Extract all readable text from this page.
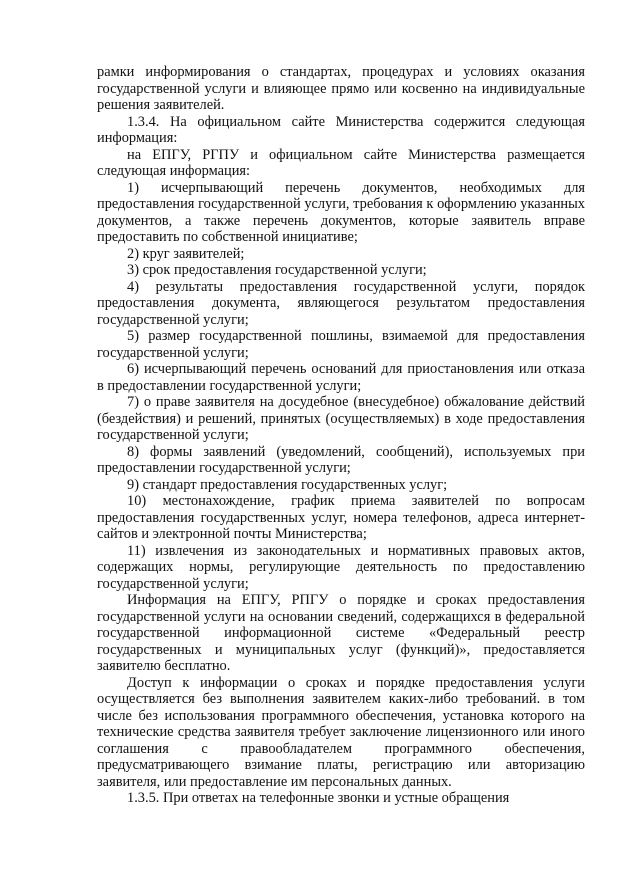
рамки информирования о стандартах, процедурах и условиях оказания государственной услуги и влияющее прямо или косвенно на индивидуальные решения заявителей.

1.3.4. На официальном сайте Министерства содержится следующая информация:

на ЕПГУ, РГПУ и официальном сайте Министерства размещается следующая информация:

1) исчерпывающий перечень документов, необходимых для предоставления государственной услуги, требования к оформлению указанных документов, а также перечень документов, которые заявитель вправе предоставить по собственной инициативе;

2) круг заявителей;

3) срок предоставления государственной услуги;

4) результаты предоставления государственной услуги, порядок предоставления документа, являющегося результатом предоставления государственной услуги;

5) размер государственной пошлины, взимаемой для предоставления государственной услуги;

6) исчерпывающий перечень оснований для приостановления или отказа в предоставлении государственной услуги;

7) о праве заявителя на досудебное (внесудебное) обжалование действий (бездействия) и решений, принятых (осуществляемых) в ходе предоставления государственной услуги;

8) формы заявлений (уведомлений, сообщений), используемых при предоставлении государственной услуги;

9) стандарт предоставления государственных услуг;

10) местонахождение, график приема заявителей по вопросам предоставления государственных услуг, номера телефонов, адреса интернет-сайтов и электронной почты Министерства;

11) извлечения из законодательных и нормативных правовых актов, содержащих нормы, регулирующие деятельность по предоставлению государственной услуги;

Информация на ЕПГУ, РПГУ о порядке и сроках предоставления государственной услуги на основании сведений, содержащихся в федеральной государственной информационной системе «Федеральный реестр государственных и муниципальных услуг (функций)», предоставляется заявителю бесплатно.

Доступ к информации о сроках и порядке предоставления услуги осуществляется без выполнения заявителем каких-либо требований. в том числе без использования программного обеспечения, установка которого на технические средства заявителя требует заключение лицензионного или иного соглашения с правообладателем программного обеспечения, предусматривающего взимание платы, регистрацию или авторизацию заявителя, или предоставление им персональных данных.

1.3.5. При ответах на телефонные звонки и устные обращения
